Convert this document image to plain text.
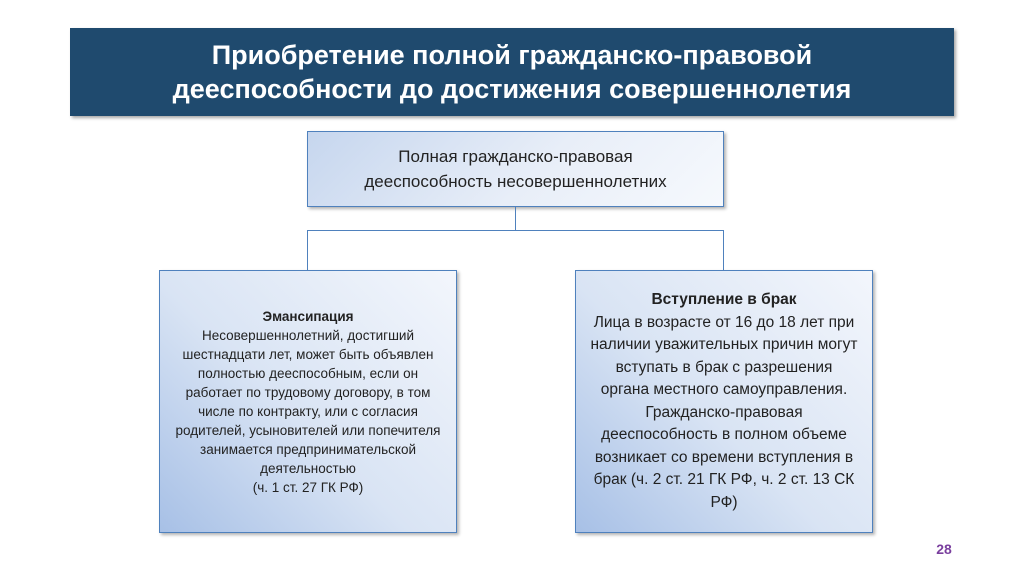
Приобретение полной гражданско-правовой дееспособности до достижения совершеннолетия
Полная гражданско-правовая дееспособность несовершеннолетних
Эмансипация
Несовершеннолетний, достигший шестнадцати лет, может быть объявлен полностью дееспособным, если он работает по трудовому договору, в том числе по контракту, или с согласия родителей, усыновителей или попечителя занимается предпринимательской деятельностью
(ч. 1 ст. 27 ГК РФ)
Вступление в брак
Лица в возрасте от 16 до 18 лет при наличии уважительных причин могут вступать в брак с разрешения органа местного самоуправления. Гражданско-правовая дееспособность в полном объеме возникает со времени вступления в брак (ч. 2 ст. 21 ГК РФ, ч. 2 ст. 13 СК РФ)
28
